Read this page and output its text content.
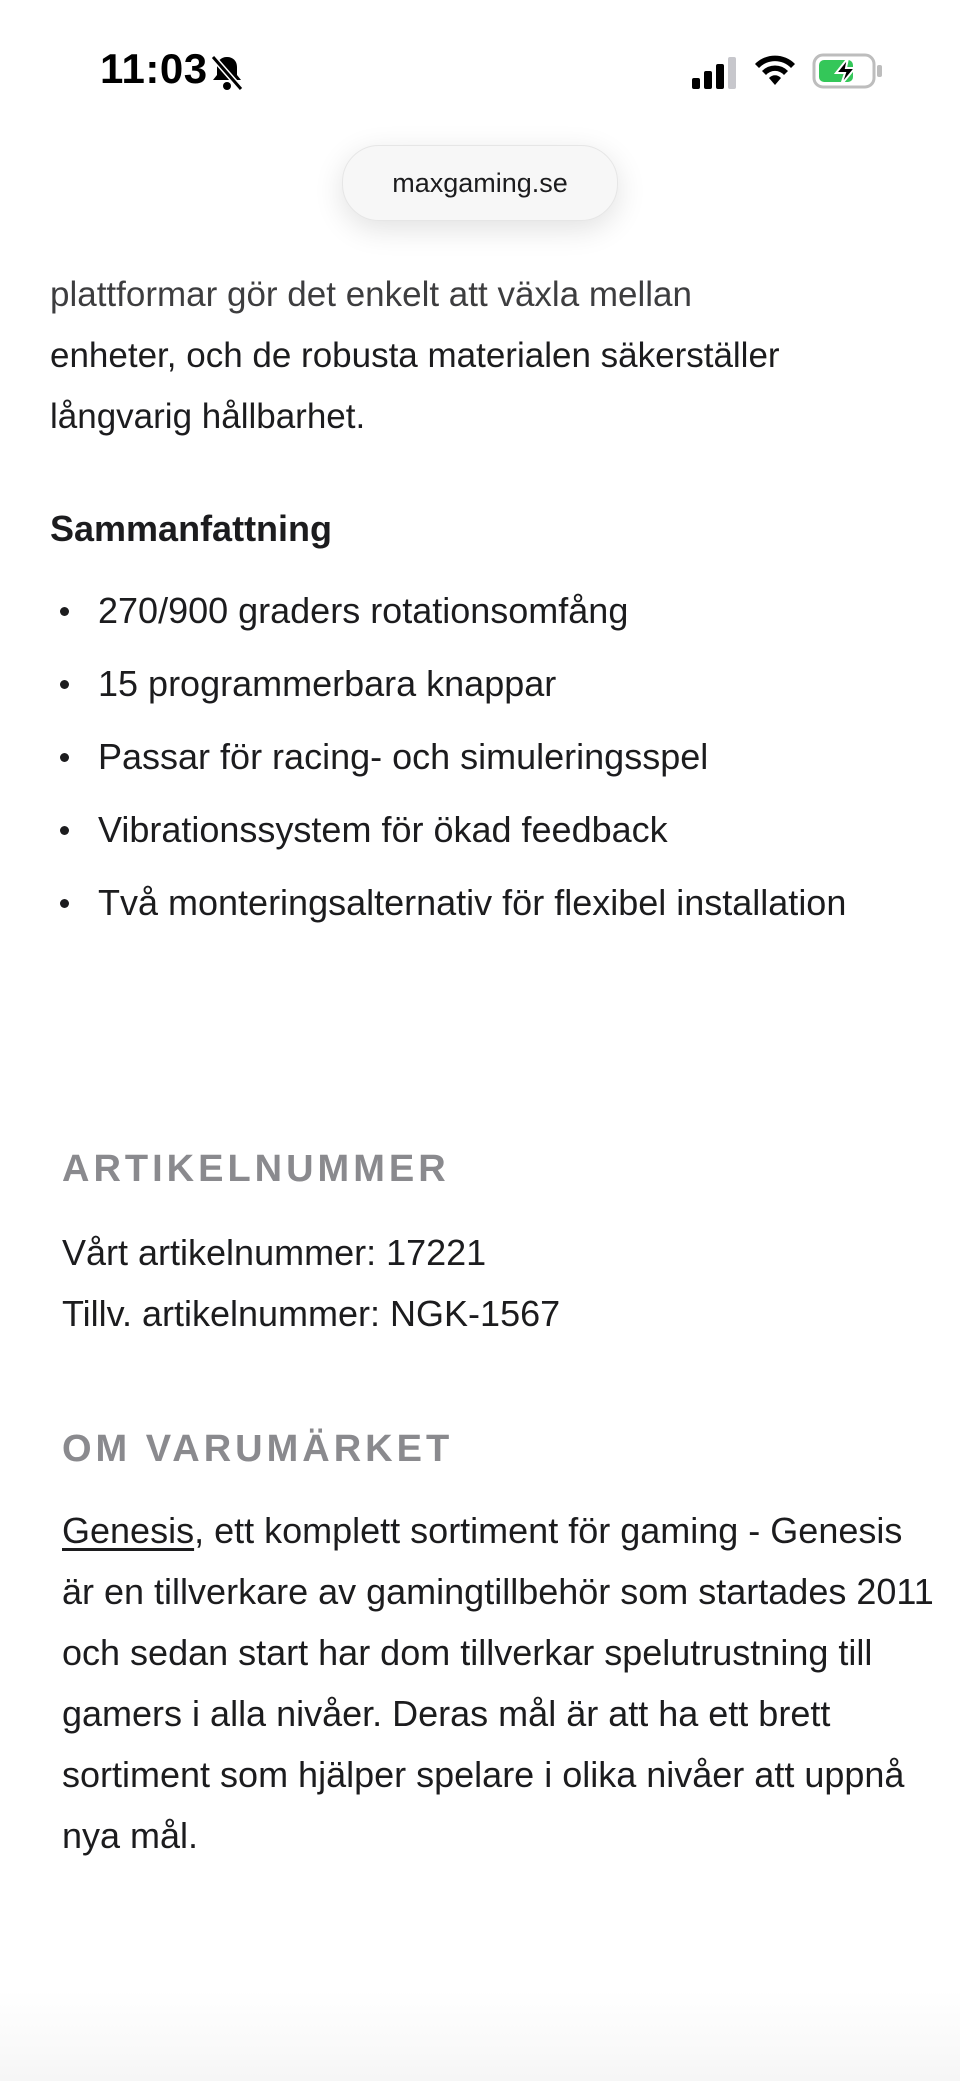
plattformar gör det enkelt att växla mellan
enheter, och de robusta materialen säkerställer
långvarig hållbarhet.
Sammanfattning
270/900 graders rotationsomfång
15 programmerbara knappar
Passar för racing- och simuleringsspel
Vibrationssystem för ökad feedback
Två monteringsalternativ för flexibel installation
ARTIKELNUMMER
Vårt artikelnummer: 17221
Tillv. artikelnummer: NGK-1567
OM VARUMÄRKET
Genesis, ett komplett sortiment för gaming - Genesis är en tillverkare av gamingtillbehör som startades 2011 och sedan start har dom tillverkar spelutrustning till gamers i alla nivåer. Deras mål är att ha ett brett sortiment som hjälper spelare i olika nivåer att uppnå nya mål.
11:03
maxgaming.se
